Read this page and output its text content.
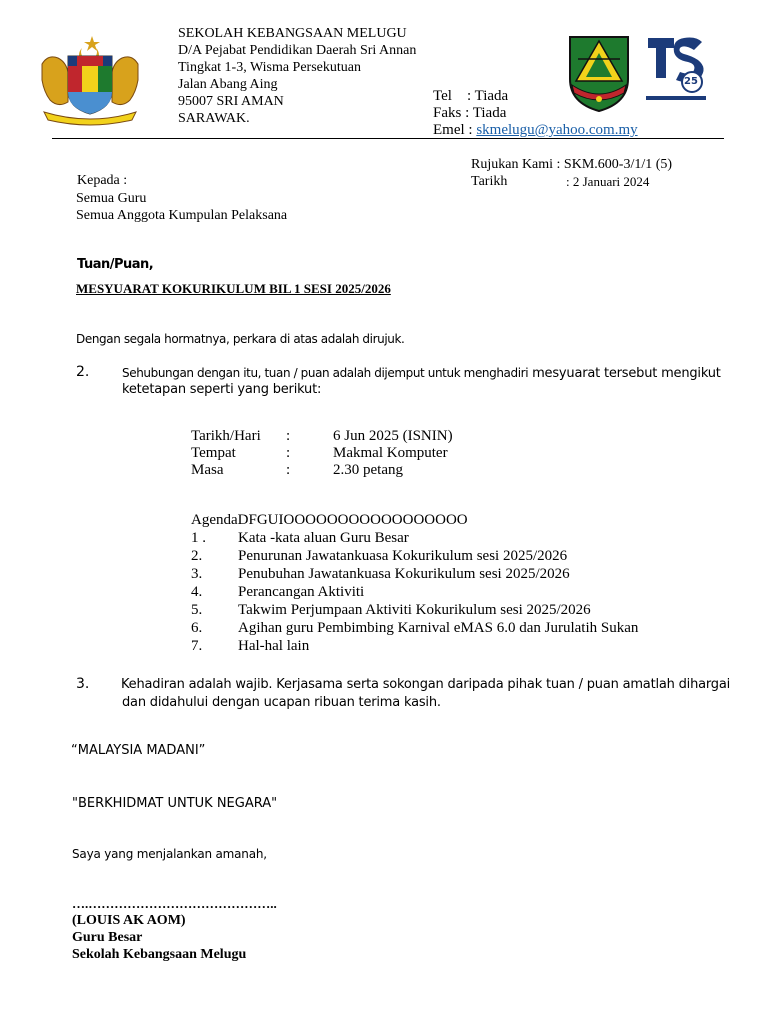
SEKOLAH KEBANGSAAN MELUGU
D/A Pejabat Pendidikan Daerah Sri Annan
Tingkat 1-3, Wisma Persekutuan
Jalan Abang Aing
95007 SRI AMAN
SARAWAK.
Tel    : Tiada
Faks : Tiada
Emel : skmelugu@yahoo.com.my
25
Rujukan Kami : SKM.600-3/1/1 (5)
Tarikh	: 2 Januari 2024
Kepada :
Semua Guru
Semua Anggota Kumpulan Pelaksana
Tuan/Puan,
MESYUARAT KOKURIKULUM BIL 1 SESI 2025/2026
Dengan segala hormatnya, perkara di atas adalah dirujuk.
2.	Sehubungan dengan itu, tuan / puan adalah dijemput untuk menghadiri mesyuarat tersebut mengikut
ketetapan seperti yang berikut:
Tarikh/Hari :	6 Jun 2025 (ISNIN)
Tempat	:	Makmal Komputer
Masa	:	2.30 petang
AgendaDFGUIOOOOOOOOOOOOOOOOO
1 . Kata -kata aluan Guru Besar
2. Penurunan Jawatankuasa Kokurikulum sesi 2025/2026
3. Penubuhan Jawatankuasa Kokurikulum sesi 2025/2026
4. Perancangan Aktiviti
5. Takwim Perjumpaan Aktiviti Kokurikulum sesi 2025/2026
6. Agihan guru Pembimbing Karnival eMAS 6.0 dan Jurulatih Sukan
7. Hal-hal lain
3. Kehadiran adalah wajib. Kerjasama serta sokongan daripada pihak tuan / puan amatlah dihargai
dan didahului dengan ucapan ribuan terima kasih.
“MALAYSIA MADANI”
"BERKHIDMAT UNTUK NEGARA"
Saya yang menjalankan amanah,
….……………………………………..
(LOUIS AK AOM)
Guru Besar
Sekolah Kebangsaan Melugu
